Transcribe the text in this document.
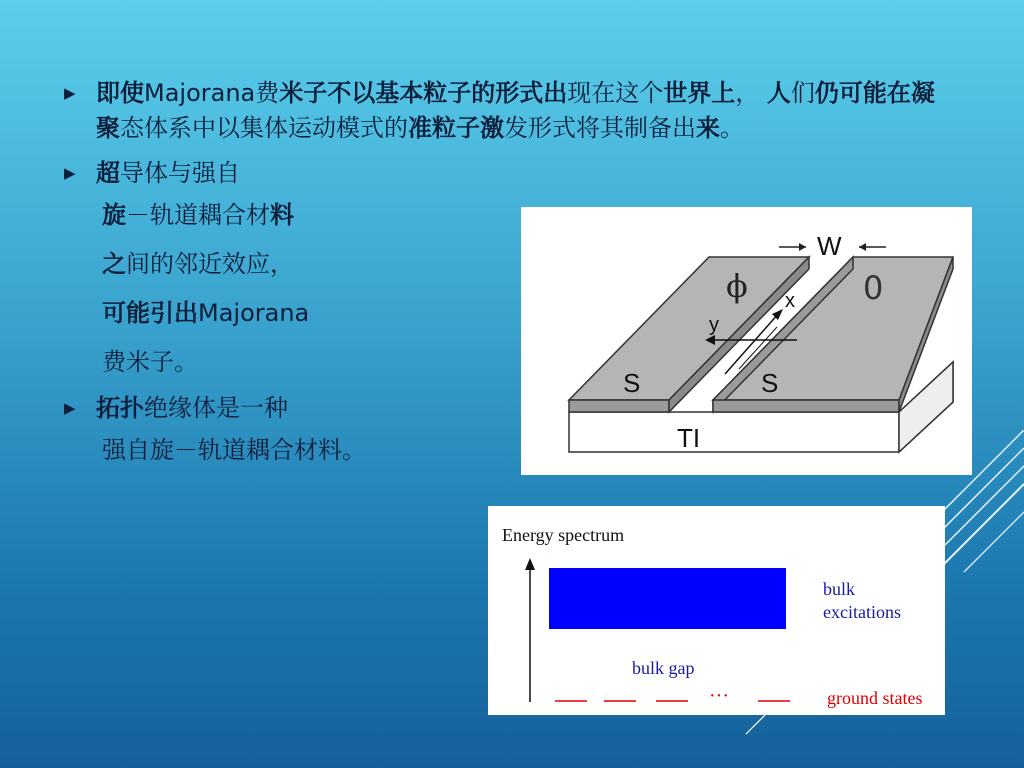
▶ 即使Majorana费米子不以基本粒子的形式出现在这个世界上， 人们仍可能在凝聚态体系中以集体运动模式的准粒子激发形式将其制备出来。
▶ 超导体与强自
旋－轨道耦合材料
之间的邻近效应，
可能引出Majorana
费米子。
▶ 拓扑绝缘体是一种
强自旋－轨道耦合材料。
W
ϕ	0
x
y
S	S
TI
Energy spectrum
bulk
excitations
bulk gap
···	ground states
